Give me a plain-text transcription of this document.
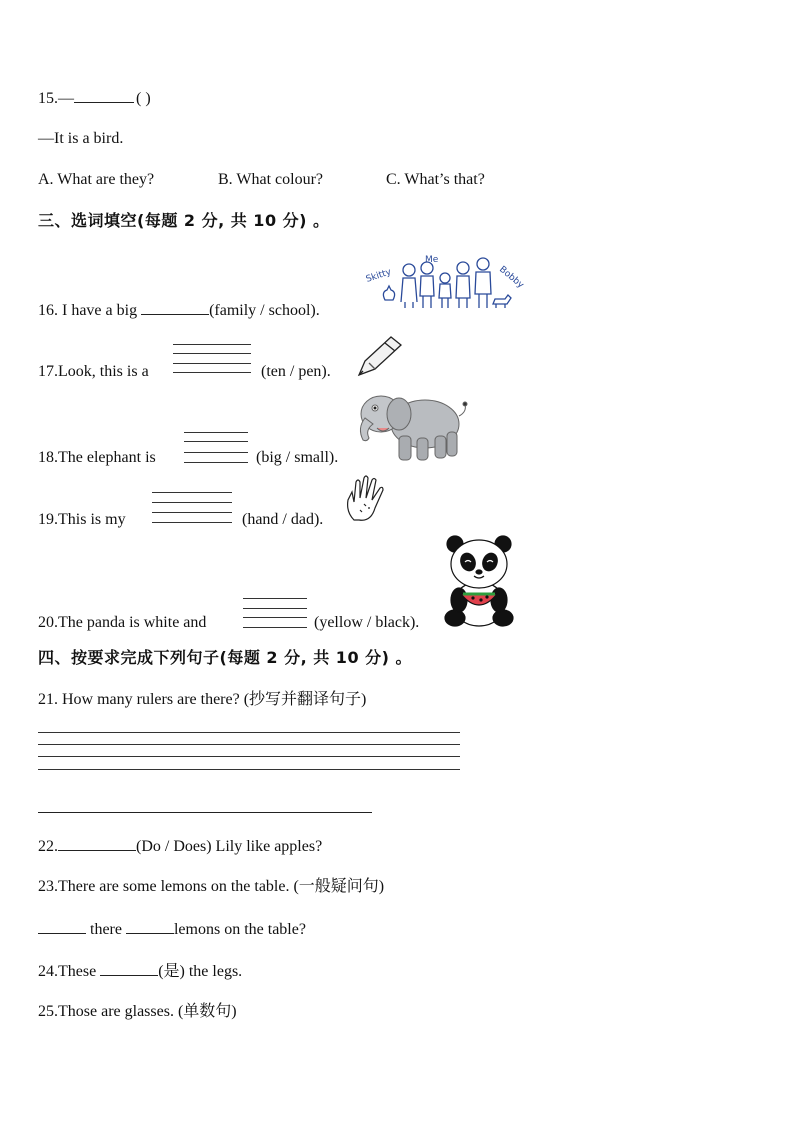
15.—	( )
—It is a bird.
A. What are they?	B. What colour?	C. What’s that?
三、选词填空(每题 2 分, 共 10 分) 。
16. I have a big	(family / school).
Skitty
Me
Bobby
17.Look, this is a	(ten / pen).
18.The elephant is	(big / small).
19.This is my	(hand / dad).
20.The panda is white and	(yellow / black).
四、按要求完成下列句子(每题 2 分, 共 10 分) 。
21. How many rulers are there? (抄写并翻译句子)
22.	(Do / Does) Lily like apples?
23.There are some lemons on the table. (一般疑问句)
there	lemons on the table?
24.These	(是) the legs.
25.Those are glasses. (单数句)
